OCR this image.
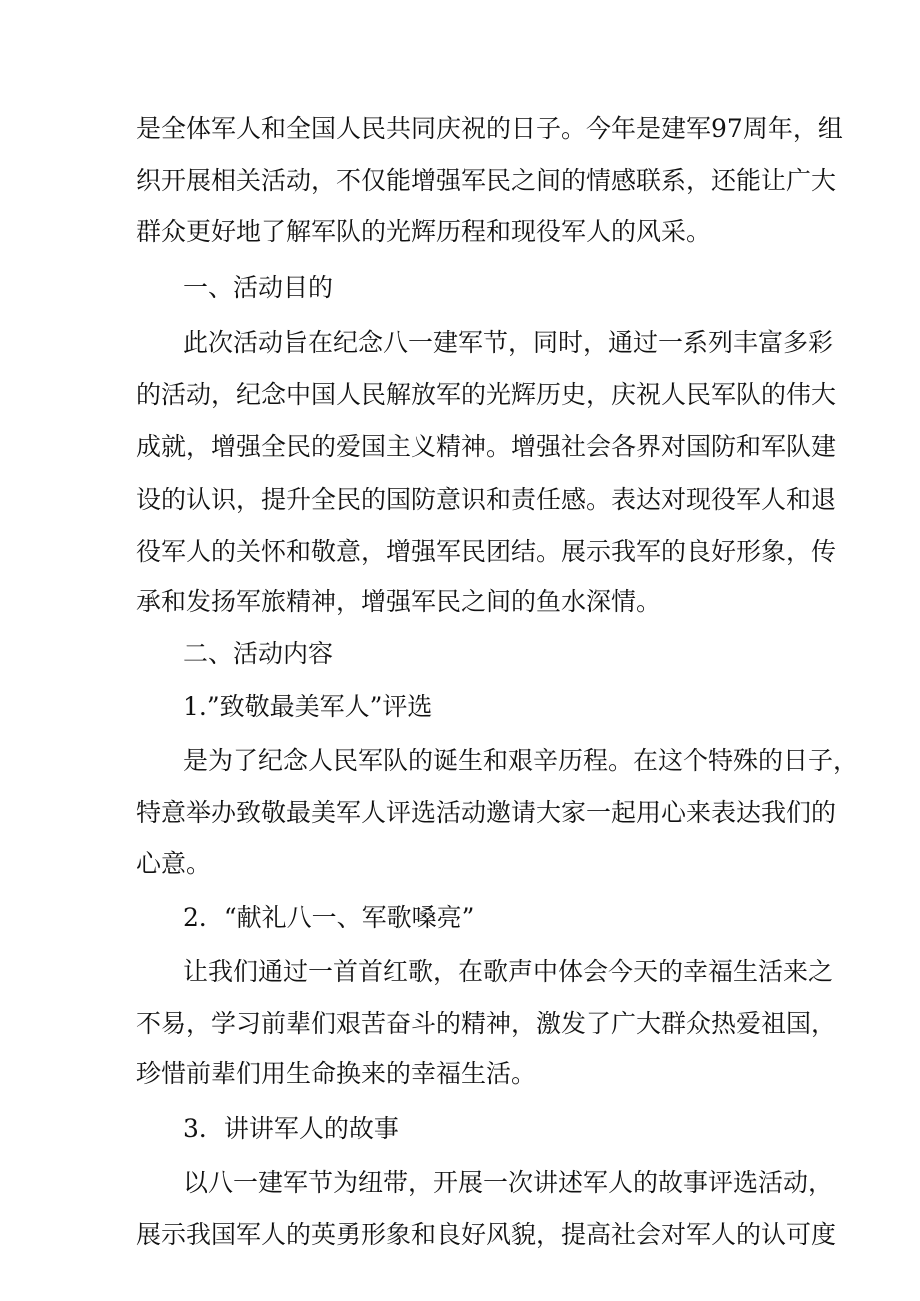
是全体军人和全国人民共同庆祝的日子。今年是建军97周年，组
织开展相关活动，不仅能增强军民之间的情感联系，还能让广大
群众更好地了解军队的光辉历程和现役军人的风采。
一、活动目的
此次活动旨在纪念八一建军节，同时，通过一系列丰富多彩
的活动，纪念中国人民解放军的光辉历史，庆祝人民军队的伟大
成就，增强全民的爱国主义精神。增强社会各界对国防和军队建
设的认识，提升全民的国防意识和责任感。表达对现役军人和退
役军人的关怀和敬意，增强军民团结。展示我军的良好形象，传
承和发扬军旅精神，增强军民之间的鱼水深情。
二、活动内容
1.”致敬最美军人”评选
是为了纪念人民军队的诞生和艰辛历程。在这个特殊的日子，
特意举办致敬最美军人评选活动邀请大家一起用心来表达我们的
心意。
2．“献礼八一、军歌嗓亮”
让我们通过一首首红歌，在歌声中体会今天的幸福生活来之
不易，学习前辈们艰苦奋斗的精神，激发了广大群众热爱祖国，
珍惜前辈们用生命换来的幸福生活。
3．讲讲军人的故事
以八一建军节为纽带，开展一次讲述军人的故事评选活动，
展示我国军人的英勇形象和良好风貌，提高社会对军人的认可度
